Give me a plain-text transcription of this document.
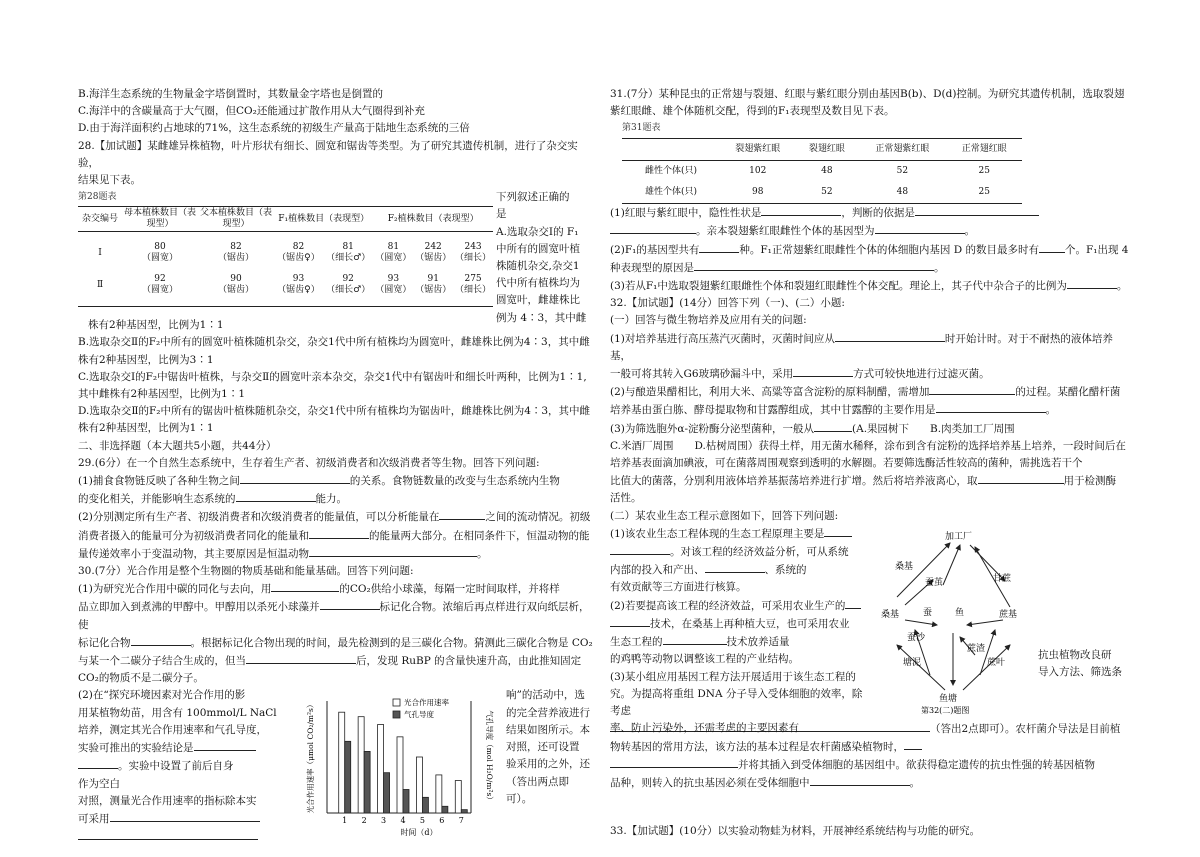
B.海洋生态系统的生物量金字塔倒置时，其数量金字塔也是倒置的

C.海洋中的含碳量高于大气圈，但CO₂还能通过扩散作用从大气圈得到补充

D.由于海洋面积约占地球的71%，这生态系统的初级生产量高于陆地生态系统的三倍

28.【加试题】某雌雄异株植物，叶片形状有细长、圆宽和锯齿等类型。为了研究其遗传机制，进行了杂交实验，

结果见下表。

第28题表
杂交编号	母本植株数目（表现型）	父本植株数目（表现型）	F₁植株数目（表现型）		F₂植株数目（表现型）		

Ⅰ	80	82	82	81	81	242	243
	（圆宽）	（锯齿）	（锯齿♀）	（细长♂）	（圆宽）	（锯齿）	（细长）

Ⅱ	92	90	93	92	93	91	275
	（圆宽）	（锯齿）	（锯齿♀）	（细长♂）	（圆宽）	（锯齿）	（细长）

下列叙述正确的
是
A.选取杂交Ⅰ的 F₁
中所有的圆宽叶植
株随机杂交,杂交1
代中所有植株均为
圆宽叶，雌雄株比
例为 4∶3，其中雌

株有2种基因型，比例为1∶1

B.选取杂交Ⅱ的F₂中所有的圆宽叶植株随机杂交，杂交1代中所有植株均为圆宽叶，雌雄株比例为4∶3，其中雌株有2种基因型，比例为3∶1

C.选取杂交Ⅰ的F₂中锯齿叶植株，与杂交Ⅱ的圆宽叶亲本杂交，杂交1代中有锯齿叶和细长叶两种，比例为1∶1,其中雌株有2种基因型，比例为1∶1

D.选取杂交Ⅱ的F₂中所有的锯齿叶植株随机杂交，杂交1代中所有植株均为锯齿叶，雌雄株比例为4∶3，其中雌株有2种基因型，比例为1∶1

二、非选择题（本大题共5小题，共44分）

29.(6分）在一个自然生态系统中，生存着生产者、初级消费者和次级消费者等生物。回答下列问题:

(1)捕食食物链反映了各种生物之间	的关系。食物链数量的改变与生态系统内生物

的变化相关，并能影响生态系统的	能力。

(2)分别测定所有生产者、初级消费者和次级消费者的能量值，可以分析能量在	之间的流动情况。初级

消费者摄入的能量可分为初级消费者同化的能量和	的能量两大部分。在相同条件下，恒温动物的能

量传递效率小于变温动物，其主要原因是恒温动物	。

30.(7分）光合作用是整个生物圈的物质基础和能量基础。回答下列问题:

(1)为研究光合作用中碳的同化与去向，用	的CO₂供给小球藻，每隔一定时间取样，并将样

品立即加入到煮沸的甲醇中。甲醇用以杀死小球藻并	标记化合物。浓缩后再点样进行双向纸层析，使

标记化合物	。根据标记化合物出现的时间，最先检测到的是三碳化合物。猜测此三碳化合物是 CO₂

与某一个二碳分子结合生成的，但当	后，发现 RuBP 的含量快速升高，由此推知固定

CO₂的物质不是二碳分子。

(2)在“探究环境因素对光合作用的影
用某植物幼苗，用含有 100mmol/L NaCl
培养，测定其光合作用速率和气孔导度，
实验可推出的实验结论是
。实验中设置了前后自身
作为空白
对照，测量光合作用速率的指标除本实
可采用	1 2 3 4 5 6 7
时间（d）
光合作用速率（μmol CO₂/m²s）	气孔导度（mol H₂O/m²s）
光合作用速率
气孔导度
响”的活动中，选
的完全营养液进行
结果如图所示。本
对照，还可设置
验采用的之外，还
（答出两点即可）。

31.(7分）某种昆虫的正常翅与裂翅、红眼与紫红眼分别由基因B(b)、D(d)控制。为研究其遗传机制，选取裂翅

紫红眼雌、雄个体随机交配，得到的F₁表现型及数目见下表。

第31题表
	裂翅紫红眼	裂翅红眼	正常翅紫红眼	正常翅红眼
雌性个体(只)	102	48	52	25
雄性个体(只)	98	52	48	25

(1)红眼与紫红眼中，隐性性状是	，判断的依据是

。亲本裂翅紫红眼雌性个体的基因型为	。

(2)F₁的基因型共有	种。F₁正常翅紫红眼雌性个体的体细胞内基因 D 的数目最多时有 个。F₁出现 4

种表现型的原因是	。

(3)若从F₁中选取裂翅紫红眼雌性个体和裂翅红眼雌性个体交配。理论上，其子代中杂合子的比例为	。

32.【加试题】(14分）回答下列（一)、(二）小题:

(一）回答与微生物培养及应用有关的问题:

(1)对培养基进行高压蒸汽灭菌时，灭菌时间应从	时开始计时。对于不耐热的液体培养基，

一般可将其转入G6玻璃砂漏斗中，采用	方式可较快地进行过滤灭菌。

(2)与酿造果醋相比，利用大米、高粱等富含淀粉的原料制醋，需增加	的过程。某醋化醋杆菌

培养基由蛋白胨、酵母提取物和甘露醇组成，其中甘露醇的主要作用是	。

(3)为筛选胞外α-淀粉酶分泌型菌种，一般从	(A.果园树下　　B.肉类加工厂周围

C.米酒厂周围　　D.枯树周围）获得土样，用无菌水稀释，涂布到含有淀粉的选择培养基上培养，一段时间后在

培养基表面滴加碘液，可在菌落周围观察到透明的水解圈。若要筛选酶活性较高的菌种，需挑选若干个

比值大的菌落，分别利用液体培养基振荡培养进行扩增。然后将培养液离心，取	用于检测酶

活性。

(二）某农业生态工程示意图如下，回答下列问题:

(1)该农业生态工程体现的生态工程原理主要是
。对该工程的经济效益分析，可从系统
内部的投入和产出、	、系统的
有效贡献等三方面进行核算。
(2)若要提高该工程的经济效益，可采用农业生产的
技术，在桑基上再种植大豆，也可采用农业
生态工程的	技术放养适量
的鸡鸭等动物以调整该工程的产业结构。
(3)某小组应用基因工程方法开展适用于该生态工程的
究。为提高将重组 DNA 分子导入受体细胞的效率，除考虑
率、防止污染外，还需考虑的主要因素有
加工厂
桑基
蚕茧	甘蔗
桑基	蔗基
蚕	鱼
蚕沙
蔗渣
塘泥	蔗叶
鱼塘
第32(二)题图
抗虫植物改良研
导入方法、筛选条

（答出2点即可）。农杆菌介导法是目前植

物转基因的常用方法，该方法的基本过程是农杆菌感染植物时，

并将其插入到受体细胞的基因组中。欲获得稳定遗传的抗虫性强的转基因植物

品种，则转入的抗虫基因必须在受体细胞中	。

33.【加试题】(10分）以实验动物蛙为材料，开展神经系统结构与功能的研究。
